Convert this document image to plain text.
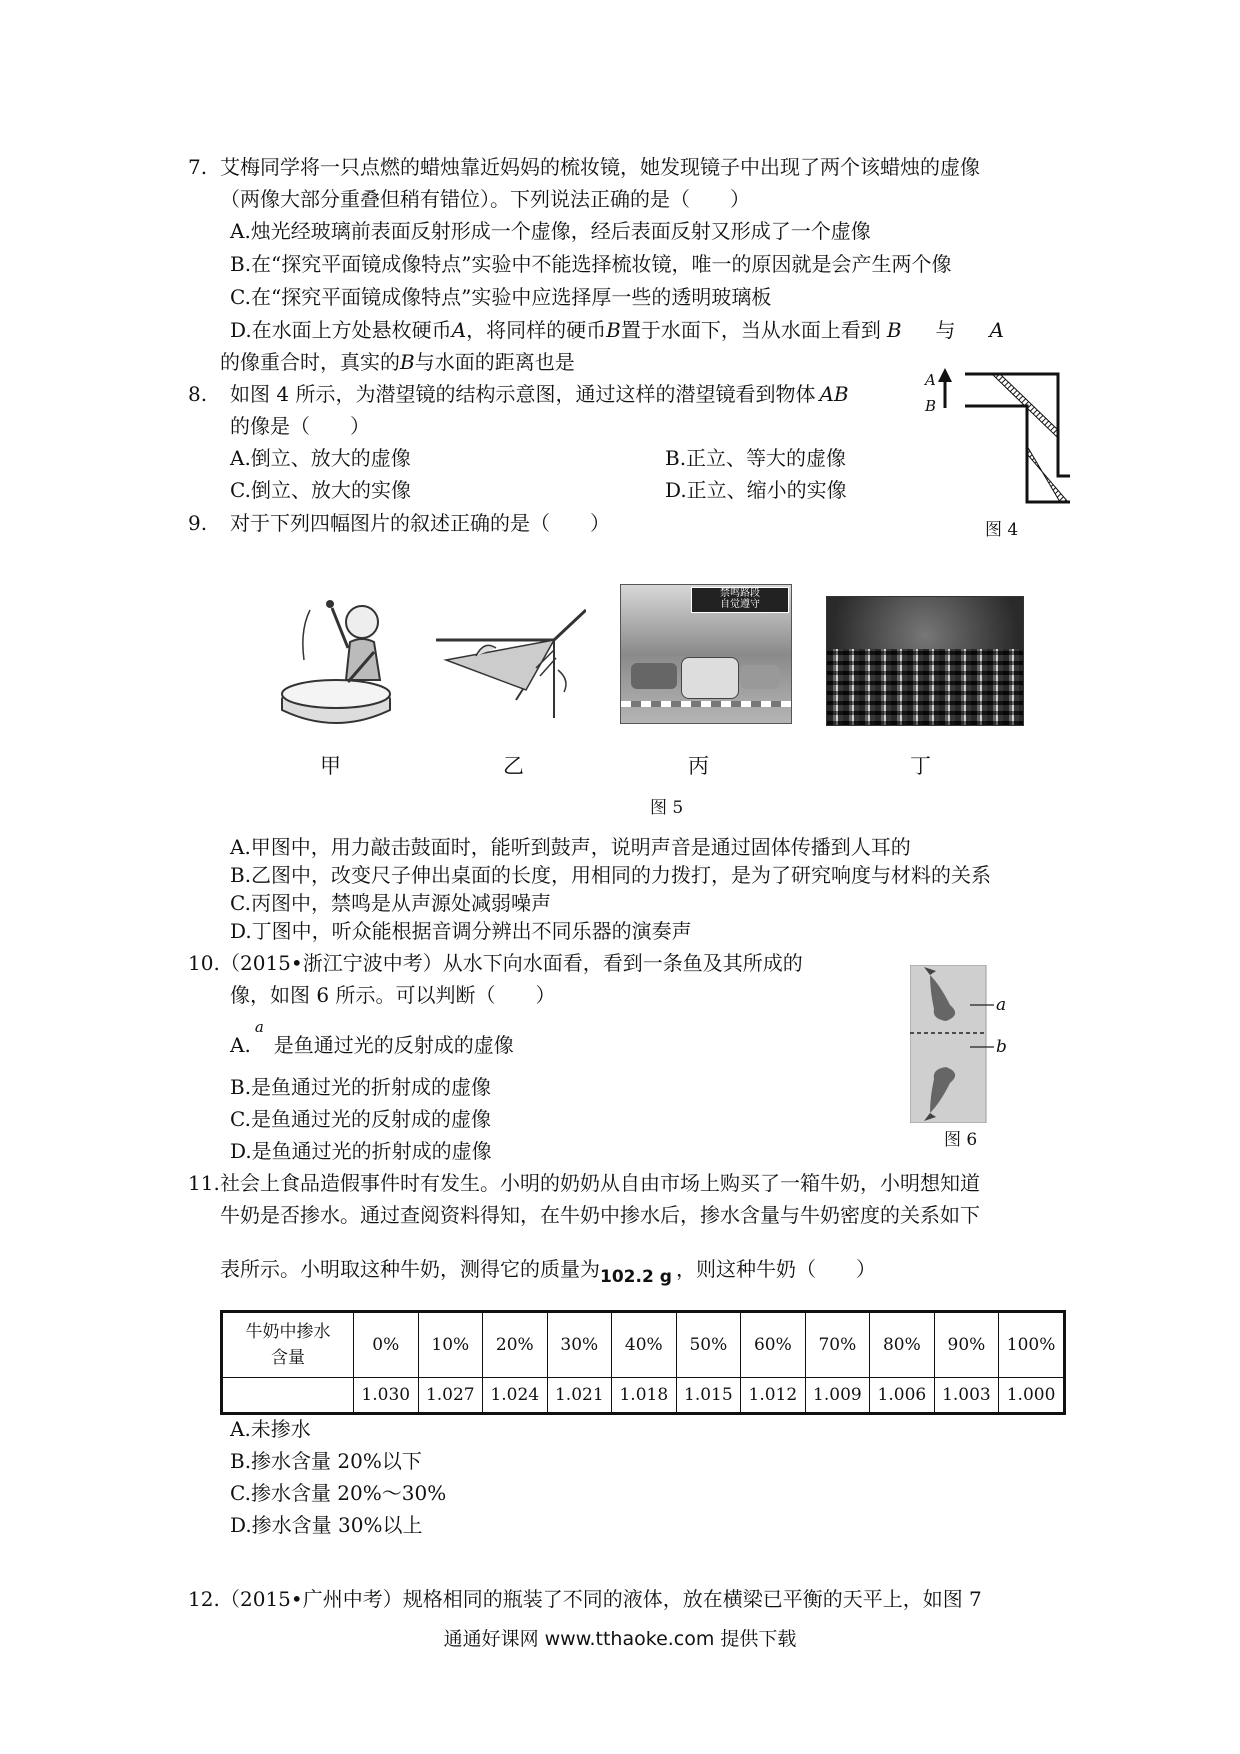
7. 艾梅同学将一只点燃的蜡烛靠近妈妈的梳妆镜，她发现镜子中出现了两个该蜡烛的虚像
（两像大部分重叠但稍有错位）。下列说法正确的是（　　）
A.烛光经玻璃前表面反射形成一个虚像，经后表面反射又形成了一个虚像
B.在“探究平面镜成像特点”实验中不能选择梳妆镜，唯一的原因就是会产生两个像
C.在“探究平面镜成像特点”实验中应选择厚一些的透明玻璃板
D.在水面上方处悬枚硬币A，将同样的硬币B置于水面下，当从水面上看到 B 与 A
的像重合时，真实的B与水面的距离也是
8. 如图 4 所示，为潜望镜的结构示意图，通过这样的潜望镜看到物体 AB
的像是（　　）
A.倒立、放大的虚像	B.正立、等大的虚像
C.倒立、放大的实像	D.正立、缩小的实像
A
B
图 4
9. 对于下列四幅图片的叙述正确的是（　　）
禁鸣路段
自觉遵守
甲	乙	丙	丁
图 5
A.甲图中，用力敲击鼓面时，能听到鼓声，说明声音是通过固体传播到人耳的
B.乙图中，改变尺子伸出桌面的长度，用相同的力拨打，是为了研究响度与材料的关系
C.丙图中，禁鸣是从声源处减弱噪声
D.丁图中，听众能根据音调分辨出不同乐器的演奏声
10. （2015•浙江宁波中考）从水下向水面看，看到一条鱼及其所成的
像，如图 6 所示。可以判断（　　）
A.$^a$是鱼通过光的反射成的虚像
B.是鱼通过光的折射成的虚像
C.是鱼通过光的反射成的虚像
D.是鱼通过光的折射成的虚像
a
b
图 6
11. 社会上食品造假事件时有发生。小明的奶奶从自由市场上购买了一箱牛奶，小明想知道
牛奶是否掺水。通过查阅资料得知，在牛奶中掺水后，掺水含量与牛奶密度的关系如下
表所示。小明取这种牛奶，测得它的质量为 102.2 g ，则这种牛奶（　　）
牛奶中掺水
含量	0%	10%	20%	30%	40%	50%	60%	70%	80%	90%	100%
	1.030	1.027	1.024	1.021	1.018	1.015	1.012	1.009	1.006	1.003	1.000
A.未掺水
B.掺水含量 20%以下
C.掺水含量 20%～30%
D.掺水含量 30%以上
12. （2015•广州中考）规格相同的瓶装了不同的液体，放在横梁已平衡的天平上，如图 7
通通好课网 www.tthaoke.com 提供下载
